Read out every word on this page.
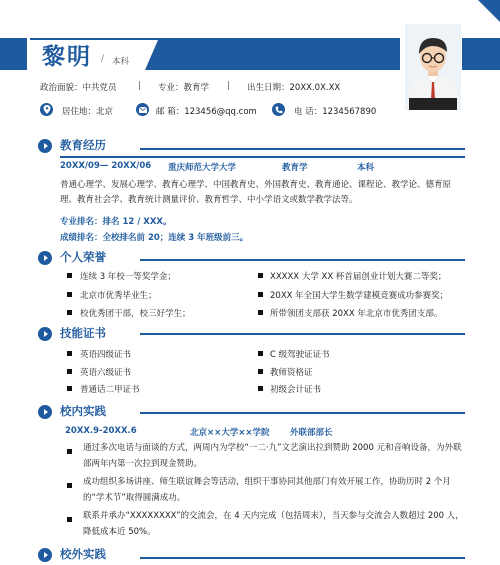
黎明 / 本科
政治面貌：中共党员	| 专业：教育学 | 出生日期：20XX.0X.XX
居住地：北京	邮 箱：123456@qq.com	电 话：1234567890
教育经历
20XX/09— 20XX/06 重庆师范大学大学	教育学	本科
普通心理学、发展心理学、教育心理学、中国教育史、外国教育史、教育通论、课程论、教学论、德育原
理、教育社会学、教育统计测量评价、教育哲学、中小学语文或数学教学法等。
专业排名：排名 12 / XXX。
成绩排名：全校排名前 20；连续 3 年班级前三。
个人荣誉
连续 3 年校一等奖学金；	XXXXX 大学 XX 杯首届创业计划大赛二等奖；
北京市优秀毕业生；	20XX 年全国大学生数学建模竞赛成功参赛奖；
校优秀团干部，校三好学生；	所带领团支部获 20XX 年北京市优秀团支部。
技能证书
英语四级证书	C 级驾驶证证书
英语六级证书	教师资格证
普通话二甲证书	初级会计证书
校内实践
20XX.9-20XX.6	北京××大学××学院 外联部部长
通过多次电话与面谈的方式，两周内为学校“一二·九”文艺演出拉到赞助 2000 元和音响设备，为外联
部两年内第一次拉到现金赞助。
成功组织多场讲座、师生联谊舞会等活动，组织干事协同其他部门有效开展工作，协助历时 2 个月
的“学术节”取得圆满成功。
联系并承办“XXXXXXXX”的交流会，在 4 天内完成（包括周末），当天参与交流会人数超过 200 人，
降低成本近 50%。
校外实践
